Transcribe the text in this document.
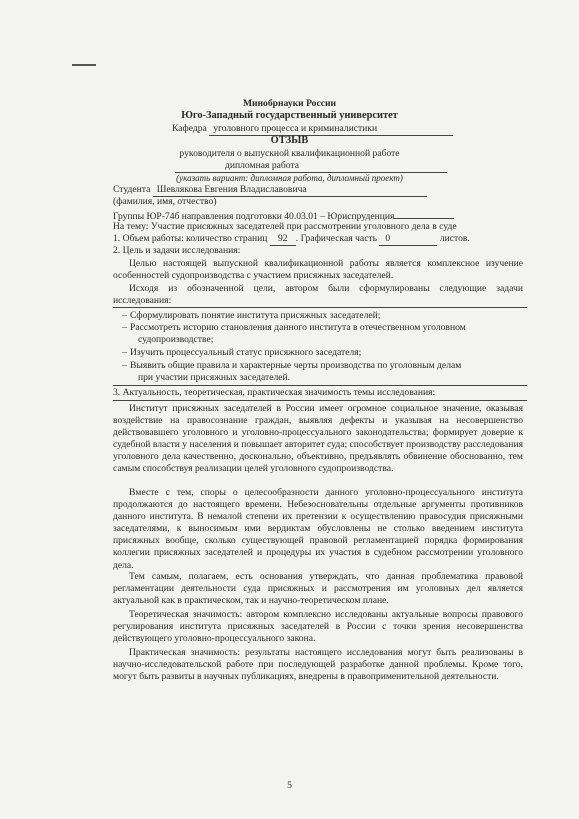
Минобрнауки России
Юго-Западный государственный университет
Кафедра уголовного процесса и криминалистики
ОТЗЫВ
руководителя о выпускной квалификационной работе
дипломная работа
(указать вариант: дипломная работа, дипломный проект)
Студента Шевлякова Евгения Владиславовича
(фамилия, имя, отчество)
Группы ЮР-74б направления подготовки 40.03.01 – Юриспруденция
На тему: Участие присяжных заседателей при рассмотрении уголовного дела в суде
1. Объем работы: количество страниц 92 . Графическая часть 0	листов.
2. Цель и задачи исследования:
Целью настоящей выпускной квалификационной работы является комплексное изучение особенностей судопроизводства с участием присяжных заседателей.
Исходя из обозначенной цели, автором были сформулированы следующие задачи исследования:
– Сформулировать понятие института присяжных заседателей;
– Рассмотреть историю становления данного института в отечественном уголовном
судопроизводстве;
– Изучить процессуальный статус присяжного заседателя;
– Выявить общие правила и характерные черты производства по уголовным делам
при участии присяжных заседателей.
3. Актуальность, теоретическая, практическая значимость темы исследования:
Институт присяжных заседателей в России имеет огромное социальное значение, оказывая воздействие на правосознание граждан, выявляя дефекты и указывая на несовершенство действовавшего уголовного и уголовно-процессуального законодательства; формирует доверие к судебной власти у населения и повышает авторитет суда; способствует производству расследования уголовного дела качественно, досконально, объективно, предъявлять обвинение обоснованно, тем самым способствуя реализации целей уголовного судопроизводства.
Вместе с тем, споры о целесообразности данного уголовно-процессуального института продолжаются до настоящего времени. Небезосновательны отдельные аргументы противников данного института. В немалой степени их претензии к осуществлению правосудия присяжными заседателями, к выносимым ими вердиктам обусловлены не столько введением института присяжных вообще, сколько существующей правовой регламентацией порядка формирования коллегии присяжных заседателей и процедуры их участия в судебном рассмотрении уголовного дела.
Тем самым, полагаем, есть основания утверждать, что данная проблематика правовой регламентации деятельности суда присяжных и рассмотрения им уголовных дел является актуальной как в практическом, так и научно-теоретическом плане.
Теоретическая значимость: автором комплексно исследованы актуальные вопросы правового регулирования института присяжных заседателей в России с точки зрения несовершенства действующего уголовно-процессуального закона.
Практическая значимость: результаты настоящего исследования могут быть реализованы в научно-исследовательской работе при последующей разработке данной проблемы. Кроме того, могут быть развиты в научных публикациях, внедрены в правоприменительной деятельности.
5
